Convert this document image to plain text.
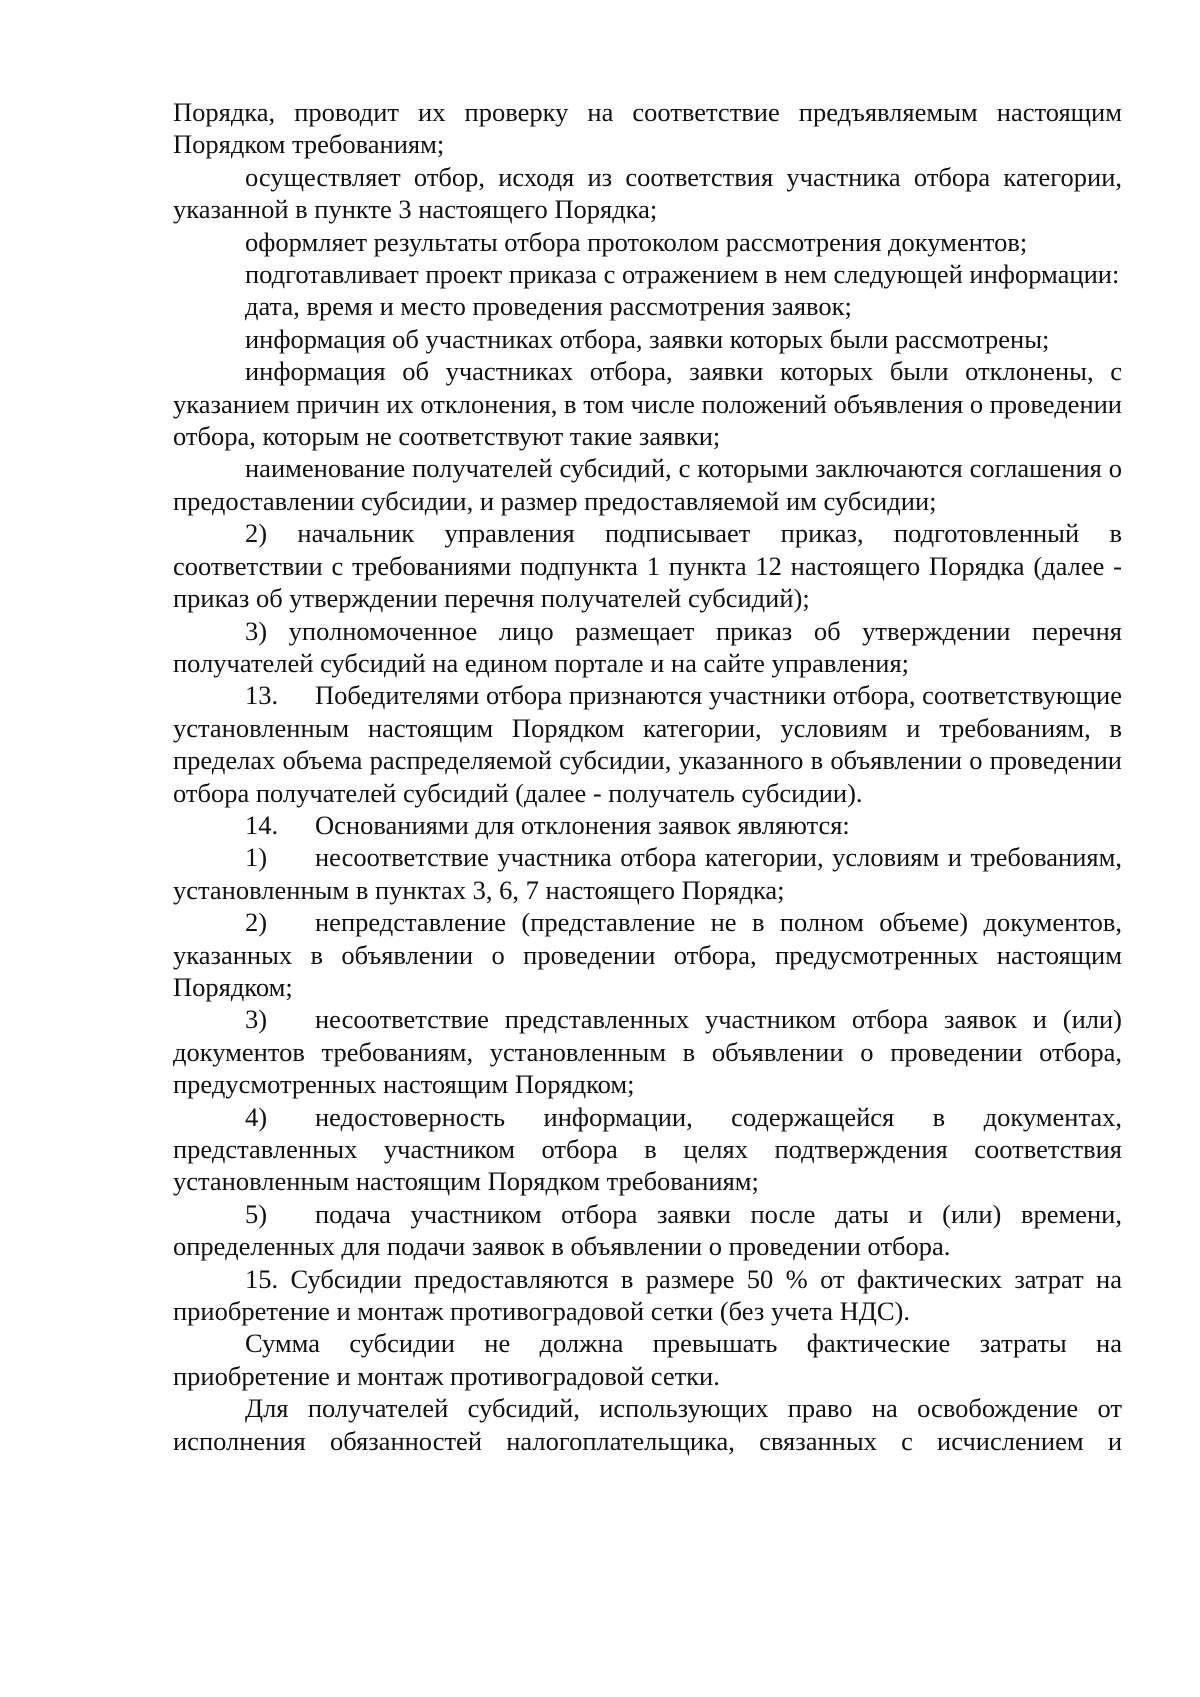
Порядка, проводит их проверку на соответствие предъявляемым настоящим Порядком требованиям;

осуществляет отбор, исходя из соответствия участника отбора категории, указанной в пункте 3 настоящего Порядка;

оформляет результаты отбора протоколом рассмотрения документов;

подготавливает проект приказа с отражением в нем следующей информации:

дата, время и место проведения рассмотрения заявок;

информация об участниках отбора, заявки которых были рассмотрены;

информация об участниках отбора, заявки которых были отклонены, с указанием причин их отклонения, в том числе положений объявления о проведении отбора, которым не соответствуют такие заявки;

наименование получателей субсидий, с которыми заключаются соглашения о предоставлении субсидии, и размер предоставляемой им субсидии;

2) начальник управления подписывает приказ, подготовленный в соответствии с требованиями подпункта 1 пункта 12 настоящего Порядка (далее - приказ об утверждении перечня получателей субсидий);

3) уполномоченное лицо размещает приказ об утверждении перечня получателей субсидий на едином портале и на сайте управления;

13. Победителями отбора признаются участники отбора, соответствующие установленным настоящим Порядком категории, условиям и требованиям, в пределах объема распределяемой субсидии, указанного в объявлении о проведении отбора получателей субсидий (далее - получатель субсидии).

14. Основаниями для отклонения заявок являются:

1) несоответствие участника отбора категории, условиям и требованиям, установленным в пунктах 3, 6, 7 настоящего Порядка;

2) непредставление (представление не в полном объеме) документов, указанных в объявлении о проведении отбора, предусмотренных настоящим Порядком;

3) несоответствие представленных участником отбора заявок и (или) документов требованиям, установленным в объявлении о проведении отбора, предусмотренных настоящим Порядком;

4) недостоверность информации, содержащейся в документах, представленных участником отбора в целях подтверждения соответствия установленным настоящим Порядком требованиям;

5) подача участником отбора заявки после даты и (или) времени, определенных для подачи заявок в объявлении о проведении отбора.

15. Субсидии предоставляются в размере 50 % от фактических затрат на приобретение и монтаж противоградовой сетки (без учета НДС).

Сумма субсидии не должна превышать фактические затраты на приобретение и монтаж противоградовой сетки.

Для получателей субсидий, использующих право на освобождение от исполнения обязанностей налогоплательщика, связанных с исчислением и
